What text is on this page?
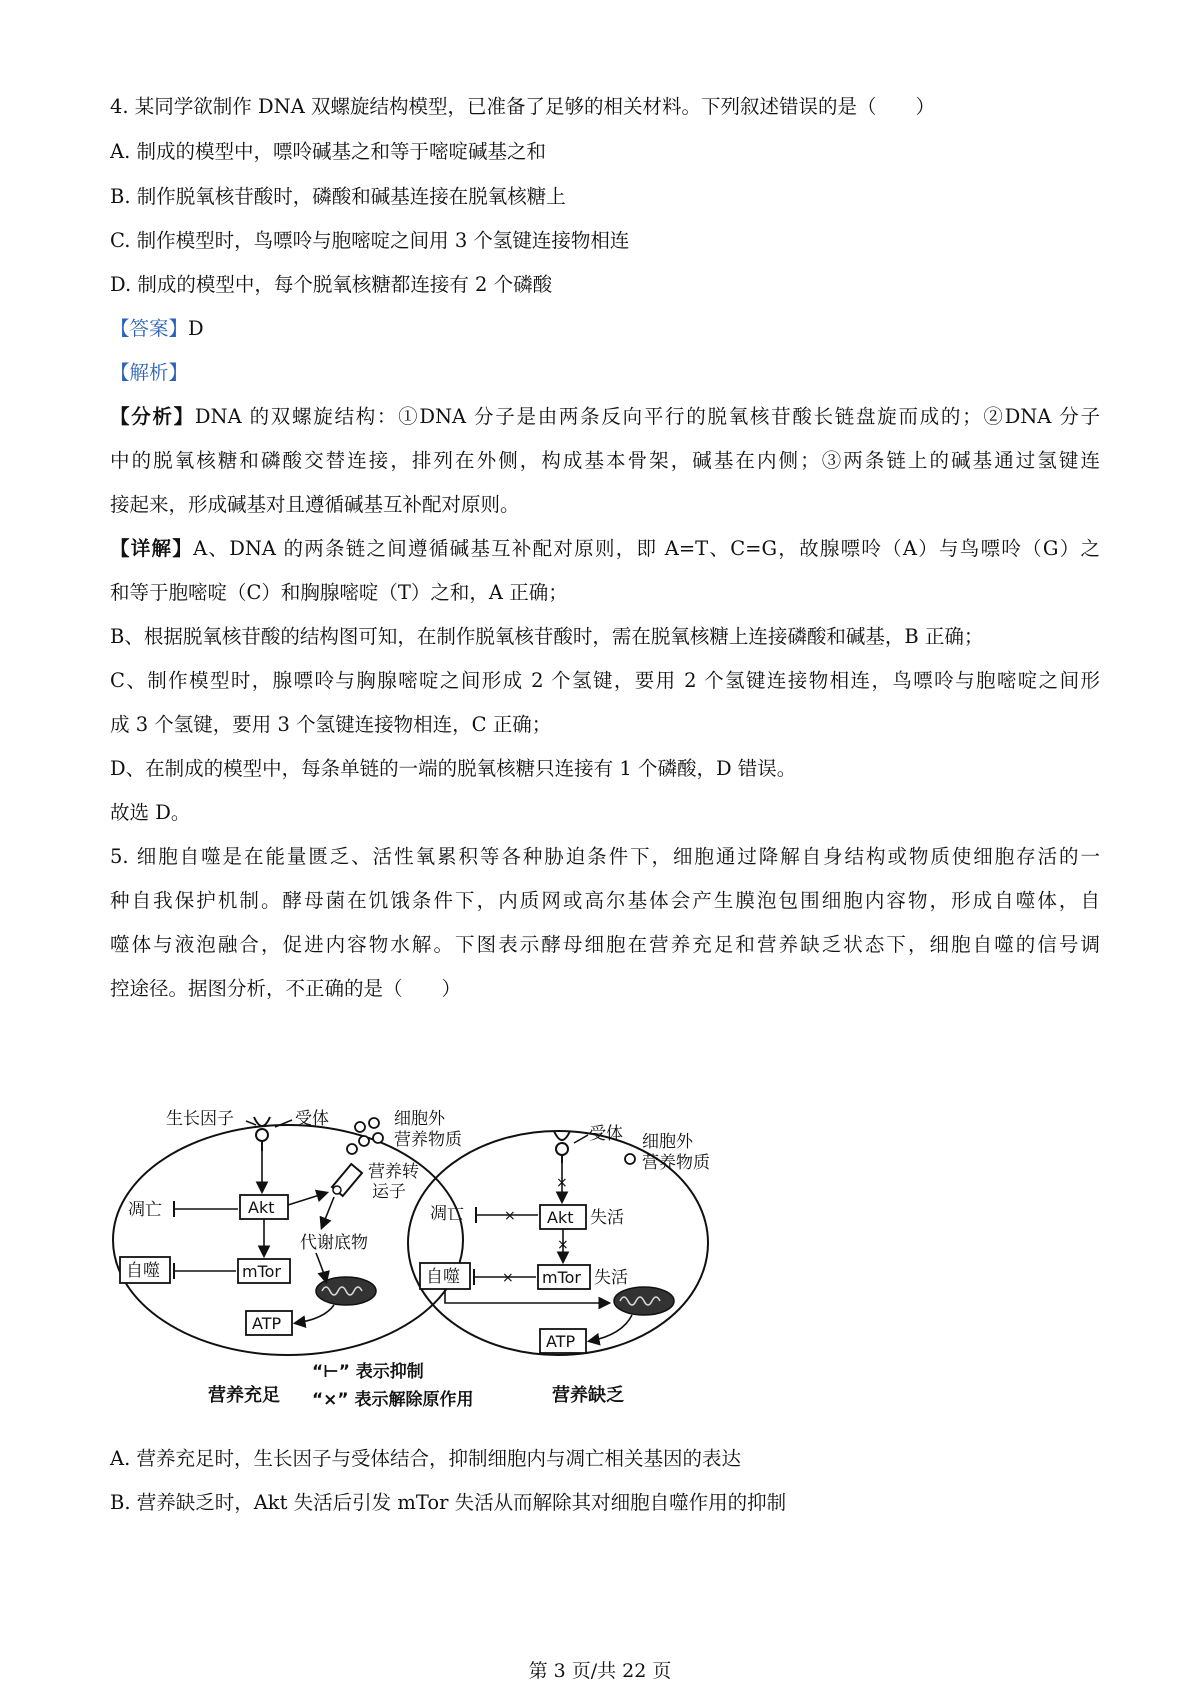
4. 某同学欲制作 DNA 双螺旋结构模型，已准备了足够的相关材料。下列叙述错误的是（　　）
A. 制成的模型中，嘌呤碱基之和等于嘧啶碱基之和
B. 制作脱氧核苷酸时，磷酸和碱基连接在脱氧核糖上
C. 制作模型时，鸟嘌呤与胞嘧啶之间用 3 个氢键连接物相连
D. 制成的模型中，每个脱氧核糖都连接有 2 个磷酸
【答案】D
【解析】
【分析】DNA 的双螺旋结构：①DNA 分子是由两条反向平行的脱氧核苷酸长链盘旋而成的；②DNA 分子
中的脱氧核糖和磷酸交替连接，排列在外侧，构成基本骨架，碱基在内侧；③两条链上的碱基通过氢键连
接起来，形成碱基对且遵循碱基互补配对原则。
【详解】A、DNA 的两条链之间遵循碱基互补配对原则，即 A=T、C=G，故腺嘌呤（A）与鸟嘌呤（G）之
和等于胞嘧啶（C）和胸腺嘧啶（T）之和，A 正确；
B、根据脱氧核苷酸的结构图可知，在制作脱氧核苷酸时，需在脱氧核糖上连接磷酸和碱基，B 正确；
C、制作模型时，腺嘌呤与胸腺嘧啶之间形成 2 个氢键，要用 2 个氢键连接物相连，鸟嘌呤与胞嘧啶之间形
成 3 个氢键，要用 3 个氢键连接物相连，C 正确；
D、在制成的模型中，每条单链的一端的脱氧核糖只连接有 1 个磷酸，D 错误。
故选 D。
5. 细胞自噬是在能量匮乏、活性氧累积等各种胁迫条件下，细胞通过降解自身结构或物质使细胞存活的一
种自我保护机制。酵母菌在饥饿条件下，内质网或高尔基体会产生膜泡包围细胞内容物，形成自噬体，自
噬体与液泡融合，促进内容物水解。下图表示酵母细胞在营养充足和营养缺乏状态下，细胞自噬的信号调
控途径。据图分析，不正确的是（　　）
生长因子	受体	细胞外
营养物质
营养转
运子
Akt
凋亡
代谢底物
mTor
自噬
ATP
营养充足
受体 细胞外
营养物质
×
Akt 失活
凋亡	×
×
mTor 失活
自噬	×
ATP
营养缺乏
“⊢” 表示抑制
“×” 表示解除原作用
A. 营养充足时，生长因子与受体结合，抑制细胞内与凋亡相关基因的表达
B. 营养缺乏时，Akt 失活后引发 mTor 失活从而解除其对细胞自噬作用的抑制
第 3 页/共 22 页
